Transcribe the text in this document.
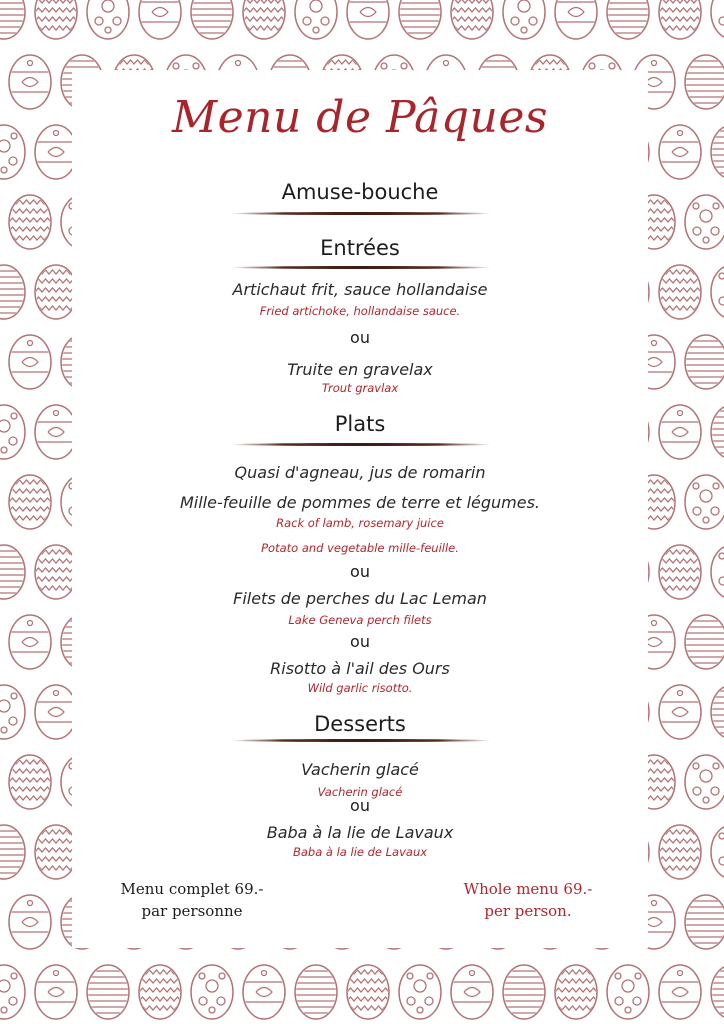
Menu de Pâques
Amuse-bouche
Entrées
Artichaut frit, sauce hollandaise
Fried artichoke, hollandaise sauce.
ou
Truite en gravelax
Trout gravlax
Plats
Quasi d'agneau, jus de romarin
Mille-feuille de pommes de terre et légumes.
Rack of lamb, rosemary juice
Potato and vegetable mille-feuille.
ou
Filets de perches du Lac Leman
Lake Geneva perch filets
ou
Risotto à l'ail des Ours
Wild garlic risotto.
Desserts
Vacherin glacé
Vacherin glacé
ou
Baba à la lie de Lavaux
Baba à la lie de Lavaux
Menu complet 69.-
par personne
Whole menu 69.-
per person.
